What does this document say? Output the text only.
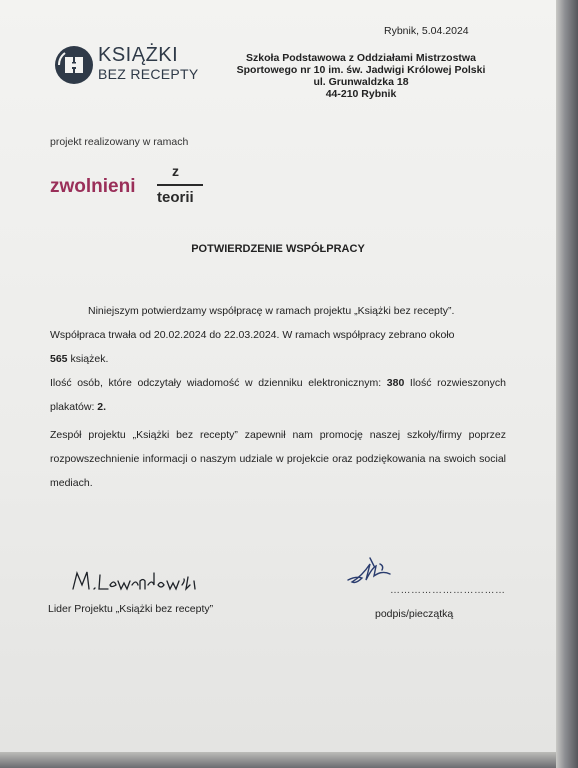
Rybnik, 5.04.2024
KSIĄŻKI
BEZ RECEPTY
Szkoła Podstawowa z Oddziałami Mistrzostwa
Sportowego nr 10 im. św. Jadwigi Królowej Polski
ul. Grunwaldzka 18
44-210 Rybnik
projekt realizowany w ramach
zwolnieni
z
teorii
POTWIERDZENIE WSPÓŁPRACY
Niniejszym potwierdzamy współpracę w ramach projektu „Książki bez recepty”.
Współpraca trwała od 20.02.2024 do 22.03.2024. W ramach współpracy zebrano około
565 książek.
Ilość osób, które odczytały wiadomość w dzienniku elektronicznym: 380 Ilość rozwieszonych plakatów: 2.
Zespół projektu „Książki bez recepty” zapewnił nam promocję naszej szkoły/firmy poprzez rozpowszechnienie informacji o naszym udziale w projekcie oraz podziękowania na swoich social mediach.
Lider Projektu „Książki bez recepty”
……………………………
podpis/pieczątką
